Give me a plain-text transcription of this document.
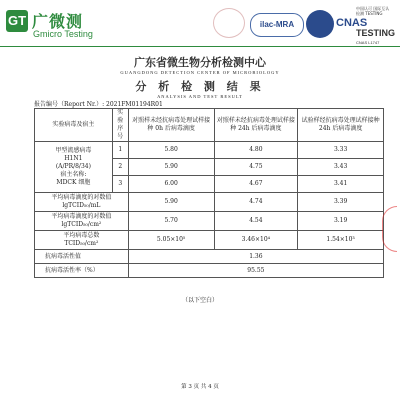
GT 广微测
Gmicro Testing
ilac-MRA	CNAS
中国认可 国际互认 检测 TESTING
TESTING
CNAS L1747
广东省微生物分析检测中心
GUANGDONG DETECTION CENTER OF MICROBIOLOGY
分 析 检 测 结 果
ANALYSIS AND TEST RESULT
报告编号（Report Nr.）: 2021FM01194R01
实验病毒及宿主	实验序号	对照样未经抗病毒处理试样接种 0h 后病毒滴度	对照样未经抗病毒处理试样接种 24h 后病毒滴度	试验样经抗病毒处理试样接种 24h 后病毒滴度

甲型流感病毒
H1N1
(A/PR/8/34)
宿主名称:
MDCK 细胞	1	5.80	4.80	3.33
	2	5.90	4.75	3.43
	3	6.00	4.67	3.41

平均病毒滴度的对数值
lgTCID₅₀/mL		5.90	4.74	3.39

平均病毒滴度的对数值
lgTCID₅₀/cm²		5.70	4.54	3.19

平均病毒总数
TCID₅₀/cm²		5.05×10⁵	3.46×10⁴	1.54×10³
抗病毒活性值		1.36		
抗病毒活性率（%）		95.55		
（以下空白）
第 3 页 共 4 页
